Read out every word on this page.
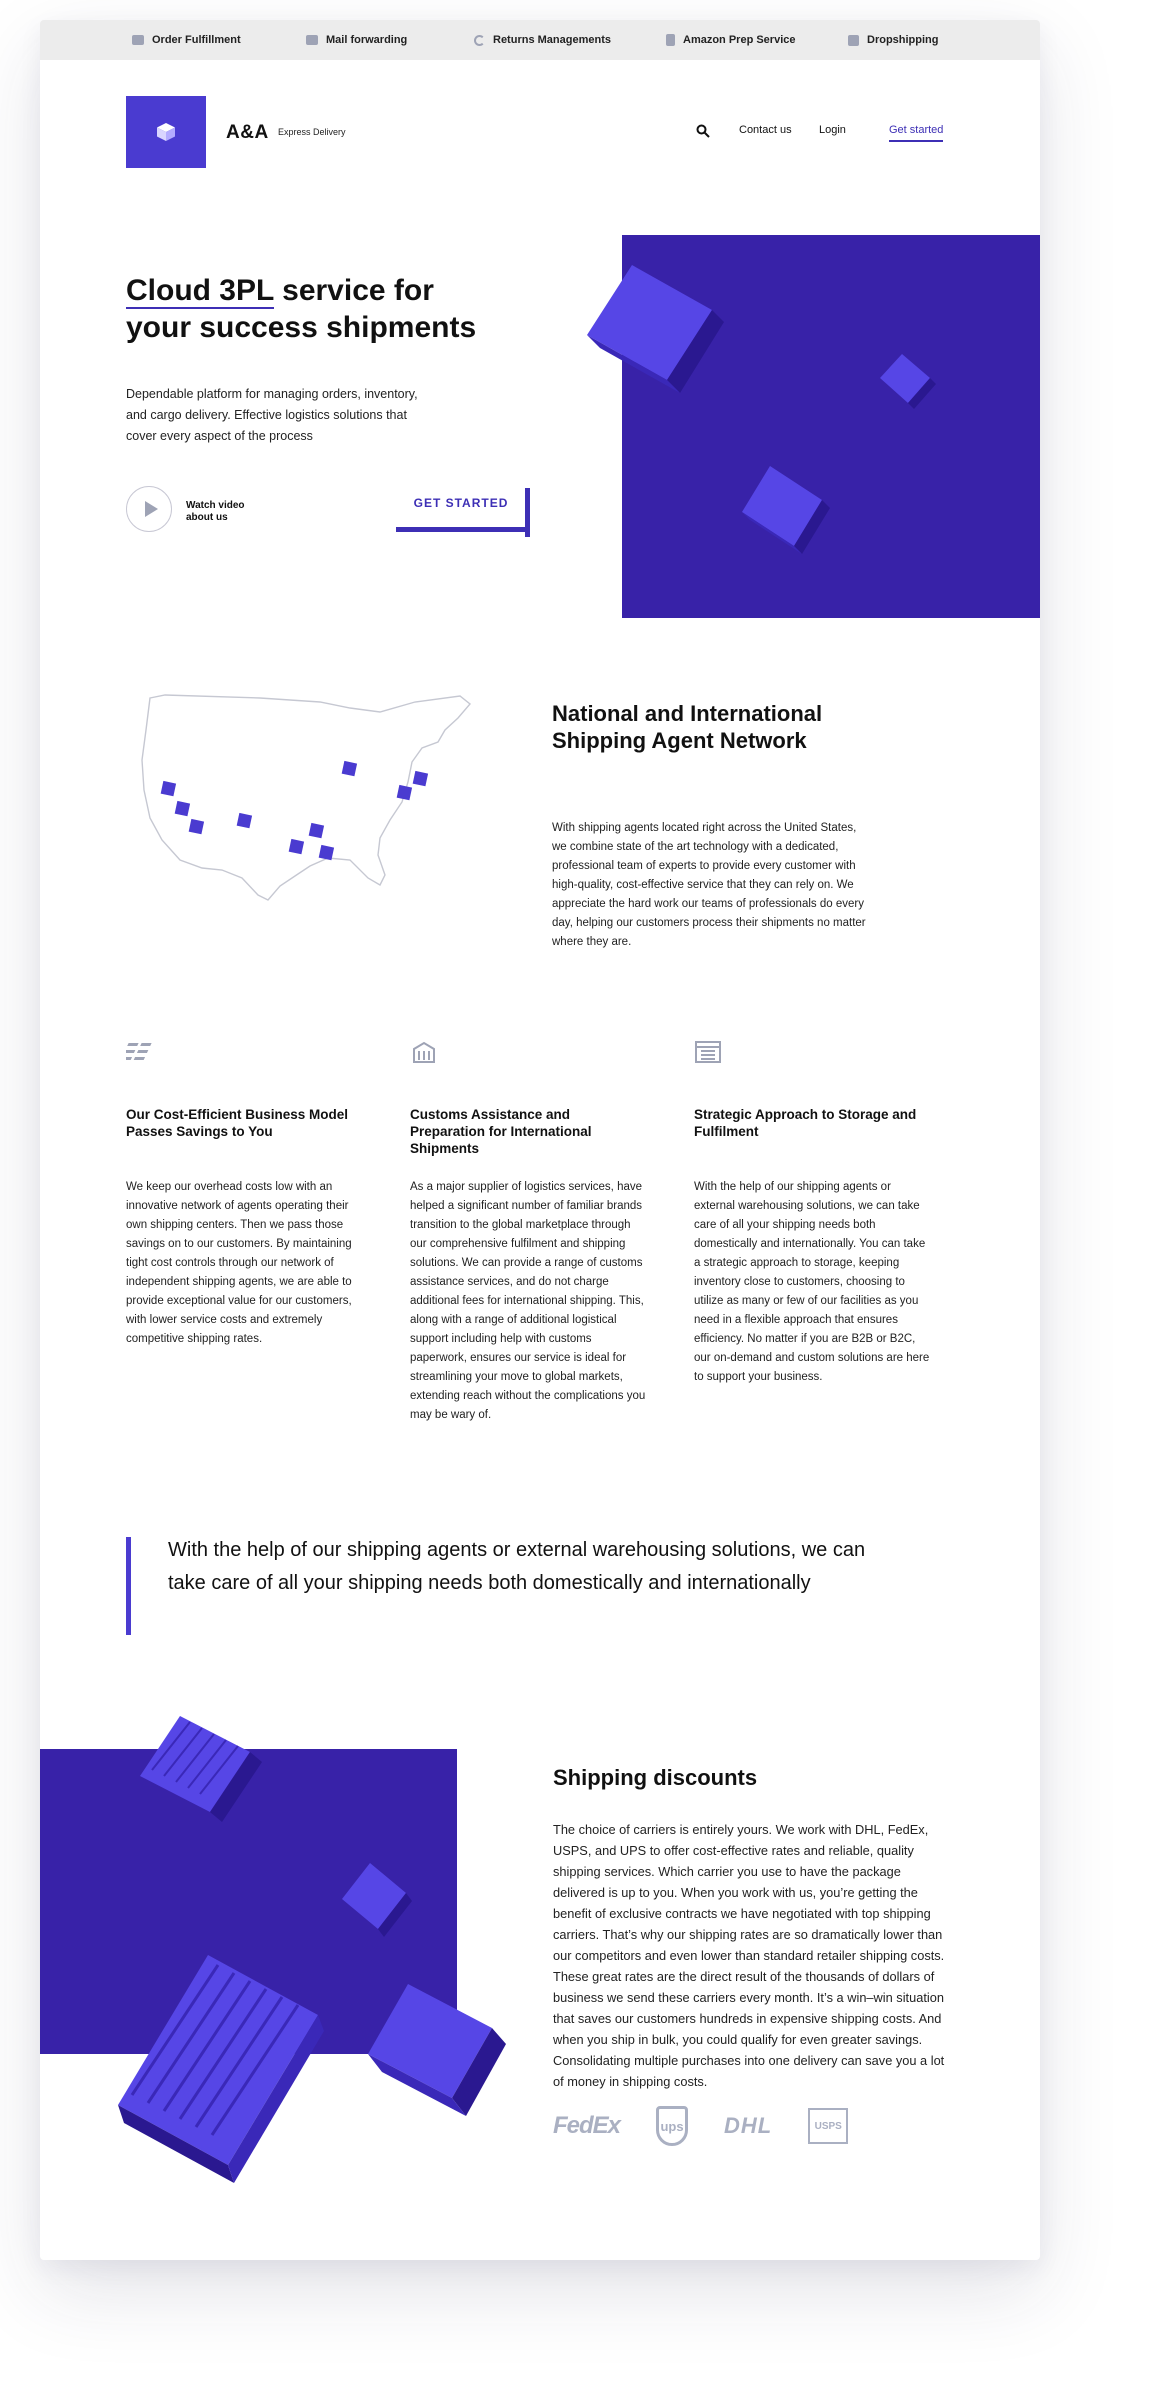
Order Fulfillment	Mail forwarding	Returns Managements	Amazon Prep Service	Dropshipping
A&A Express Delivery	Contact us Login	Get started
Cloud 3PL service for
your success shipments
Dependable platform for managing orders, inventory, and cargo delivery. Effective logistics solutions that cover every aspect of the process
Watch video about us
GET STARTED
National and International Shipping Agent Network
With shipping agents located right across the United States, we combine state of the art technology with a dedicated, professional team of experts to provide every customer with high-quality, cost-effective service that they can rely on. We appreciate the hard work our teams of professionals do every day, helping our customers process their shipments no matter where they are.
Our Cost-Efficient Business Model Passes Savings to You
Customs Assistance and Preparation for International Shipments
Strategic Approach to Storage and Fulfilment
We keep our overhead costs low with an innovative network of agents operating their own shipping centers. Then we pass those savings on to our customers. By maintaining tight cost controls through our network of independent shipping agents, we are able to provide exceptional value for our customers, with lower service costs and extremely competitive shipping rates.
As a major supplier of logistics services, have helped a significant number of familiar brands transition to the global marketplace through our comprehensive fulfilment and shipping solutions. We can provide a range of customs assistance services, and do not charge additional fees for international shipping. This, along with a range of additional logistical support including help with customs paperwork, ensures our service is ideal for streamlining your move to global markets, extending reach without the complications you may be wary of.
With the help of our shipping agents or external warehousing solutions, we can take care of all your shipping needs both domestically and internationally. You can take a strategic approach to storage, keeping inventory close to customers, choosing to utilize as many or few of our facilities as you need in a flexible approach that ensures efficiency. No matter if you are B2B or B2C, our on-demand and custom solutions are here to support your business.
With the help of our shipping agents or external warehousing solutions, we can take care of all your shipping needs both domestically and internationally
Shipping discounts
The choice of carriers is entirely yours. We work with DHL, FedEx, USPS, and UPS to offer cost-effective rates and reliable, quality shipping services. Which carrier you use to have the package delivered is up to you. When you work with us, you’re getting the benefit of exclusive contracts we have negotiated with top shipping carriers. That’s why our shipping rates are so dramatically lower than our competitors and even lower than standard retailer shipping costs. These great rates are the direct result of the thousands of dollars of business we send these carriers every month. It’s a win–win situation that saves our customers hundreds in expensive shipping costs. And when you ship in bulk, you could qualify for even greater savings. Consolidating multiple purchases into one delivery can save you a lot of money in shipping costs.
FedEx	ups DHL	USPS
